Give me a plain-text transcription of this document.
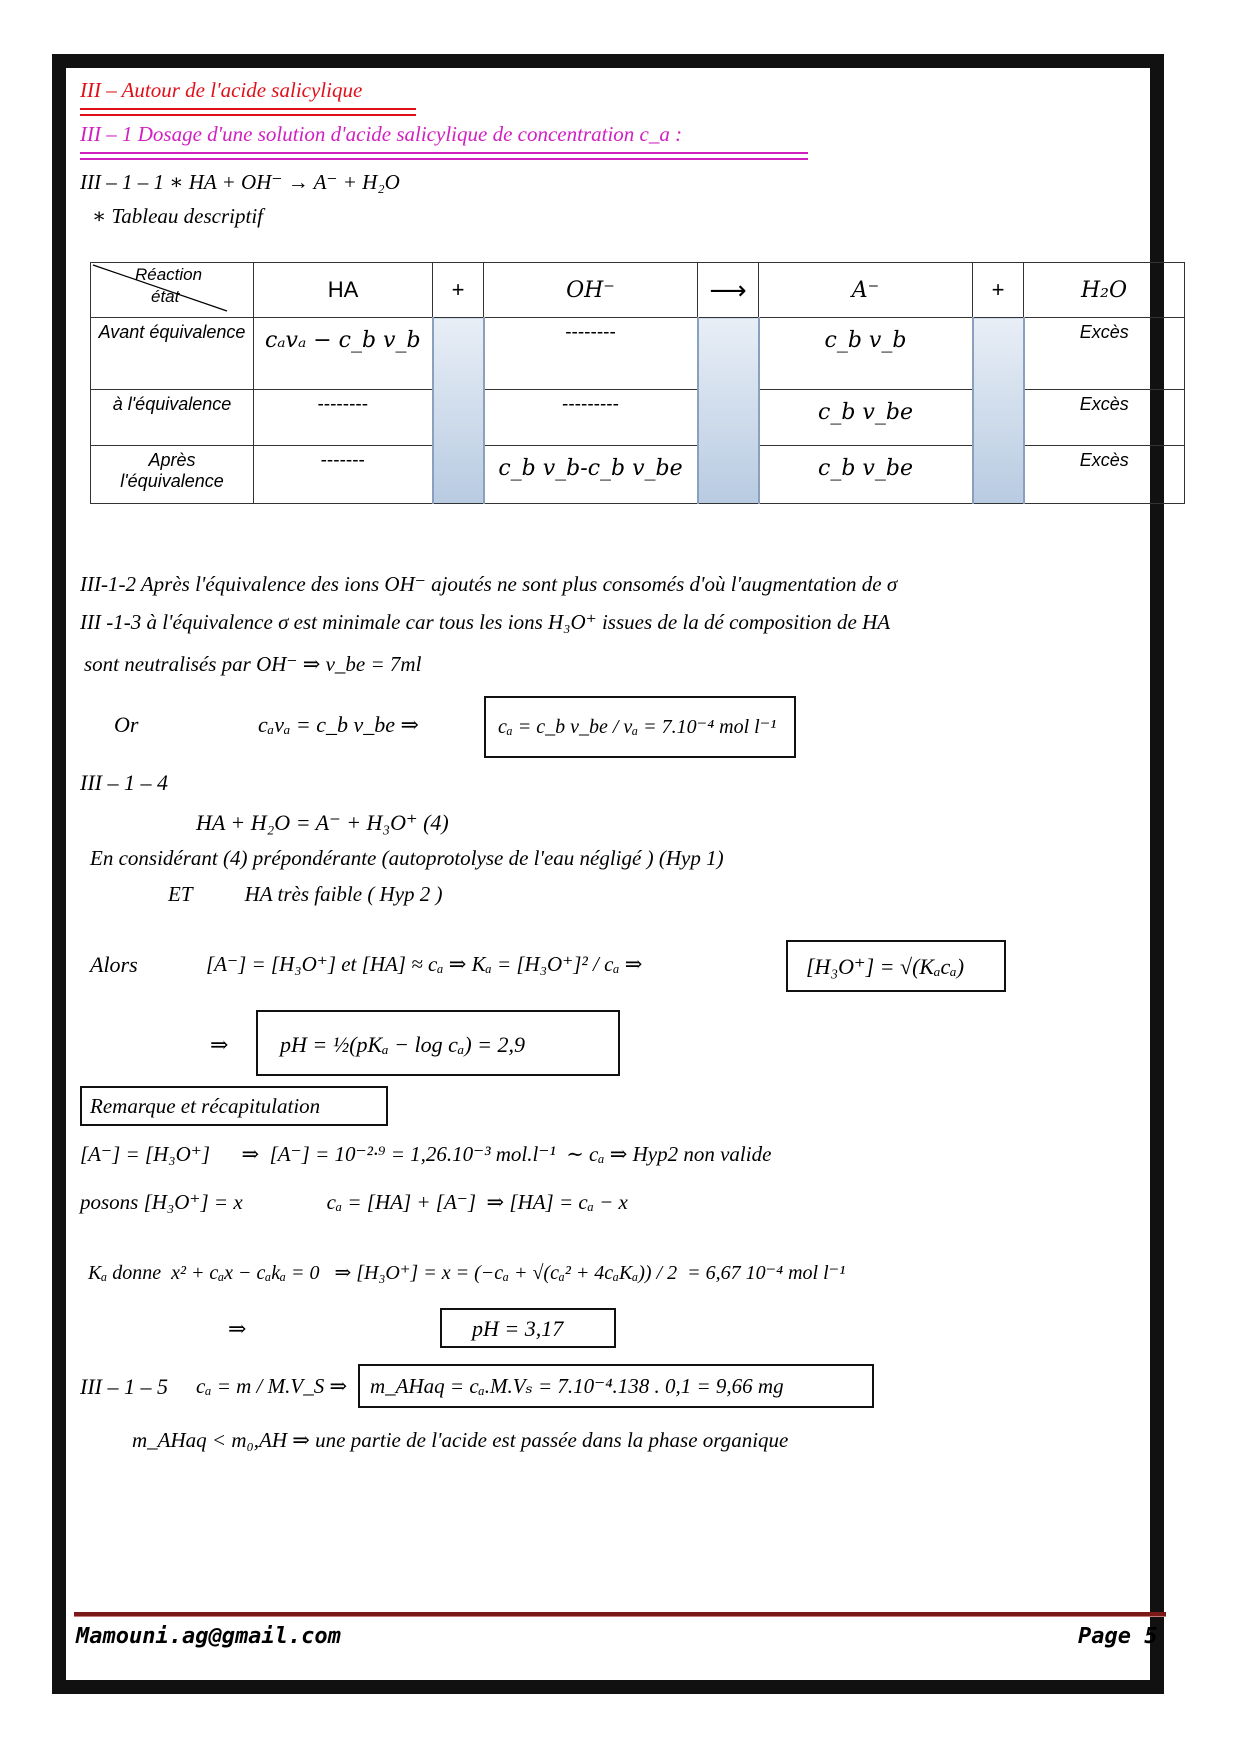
III – Autour de l'acide salicylique
III – 1 Dosage d'une solution d'acide salicylique de concentration c_a :
III – 1 – 1 ∗ HA + OH⁻ → A⁻ + H₂O
∗ Tableau descriptif
Réaction
état	HA	+	OH⁻	⟶	A⁻	+	H₂O
Avant équivalence	cₐvₐ − c_b v_b		--------		c_b v_b		Excès
à l'équivalence	--------		---------		c_b v_be		Excès
Après l'équivalence	-------		c_b v_b-c_b v_be		c_b v_be		Excès
III-1-2 Après l'équivalence des ions OH⁻ ajoutés ne sont plus consomés d'où l'augmentation de σ
III -1-3 à l'équivalence σ est minimale car tous les ions H₃O⁺ issues de la dé composition de HA
sont neutralisés par OH⁻ ⇒ v_be = 7ml
Or	cₐvₐ = c_b v_be ⇒	cₐ = c_b v_be / vₐ = 7.10⁻⁴ mol l⁻¹
III – 1 – 4
HA + H₂O = A⁻ + H₃O⁺ (4)
En considérant (4) prépondérante (autoprotolyse de l'eau négligé ) (Hyp 1)
ET          HA très faible ( Hyp 2 )
Alors	[A⁻] = [H₃O⁺] et [HA] ≈ cₐ ⇒ Kₐ = [H₃O⁺]² / cₐ ⇒	[H₃O⁺] = √(Kₐcₐ)
⇒ pH = ½(pKₐ − log cₐ) = 2,9
Remarque et récapitulation
[A⁻] = [H₃O⁺]      ⇒  [A⁻] = 10⁻²·⁹ = 1,26.10⁻³ mol.l⁻¹  ∼ cₐ ⇒ Hyp2 non valide
posons [H₃O⁺] = x                cₐ = [HA] + [A⁻]  ⇒ [HA] = cₐ − x
Kₐ donne  x² + cₐx − cₐkₐ = 0   ⇒ [H₃O⁺] = x = (−cₐ + √(cₐ² + 4cₐKₐ)) / 2  = 6,67 10⁻⁴ mol l⁻¹
⇒	pH = 3,17
III – 1 – 5 cₐ = m / M.V_S ⇒ m_AHaq = cₐ.M.Vₛ = 7.10⁻⁴.138 . 0,1 = 9,66 mg
m_AHaq < m₀,AH ⇒ une partie de l'acide est passée dans la phase organique
Mamouni.ag@gmail.com	Page 5
